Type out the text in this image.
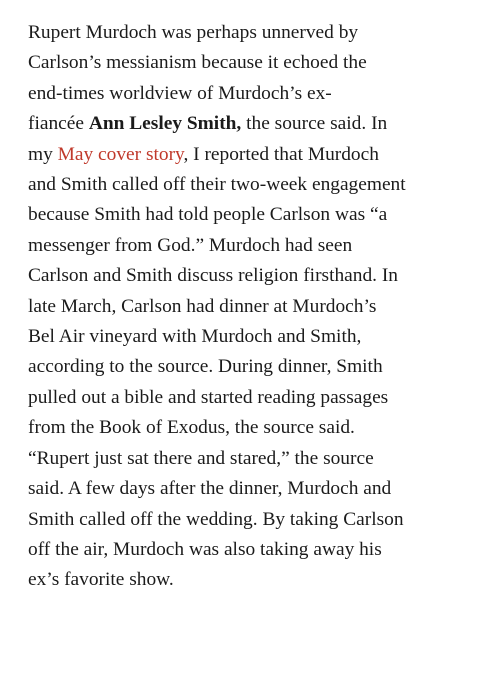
Rupert Murdoch was perhaps unnerved by
Carlson’s messianism because it echoed the
end-times worldview of Murdoch’s ex-
fiancée Ann Lesley Smith, the source said. In
my May cover story, I reported that Murdoch
and Smith called off their two-week engagement
because Smith had told people Carlson was “a
messenger from God.” Murdoch had seen
Carlson and Smith discuss religion firsthand. In
late March, Carlson had dinner at Murdoch’s
Bel Air vineyard with Murdoch and Smith,
according to the source. During dinner, Smith
pulled out a bible and started reading passages
from the Book of Exodus, the source said.
“Rupert just sat there and stared,” the source
said. A few days after the dinner, Murdoch and
Smith called off the wedding. By taking Carlson
off the air, Murdoch was also taking away his
ex’s favorite show.
